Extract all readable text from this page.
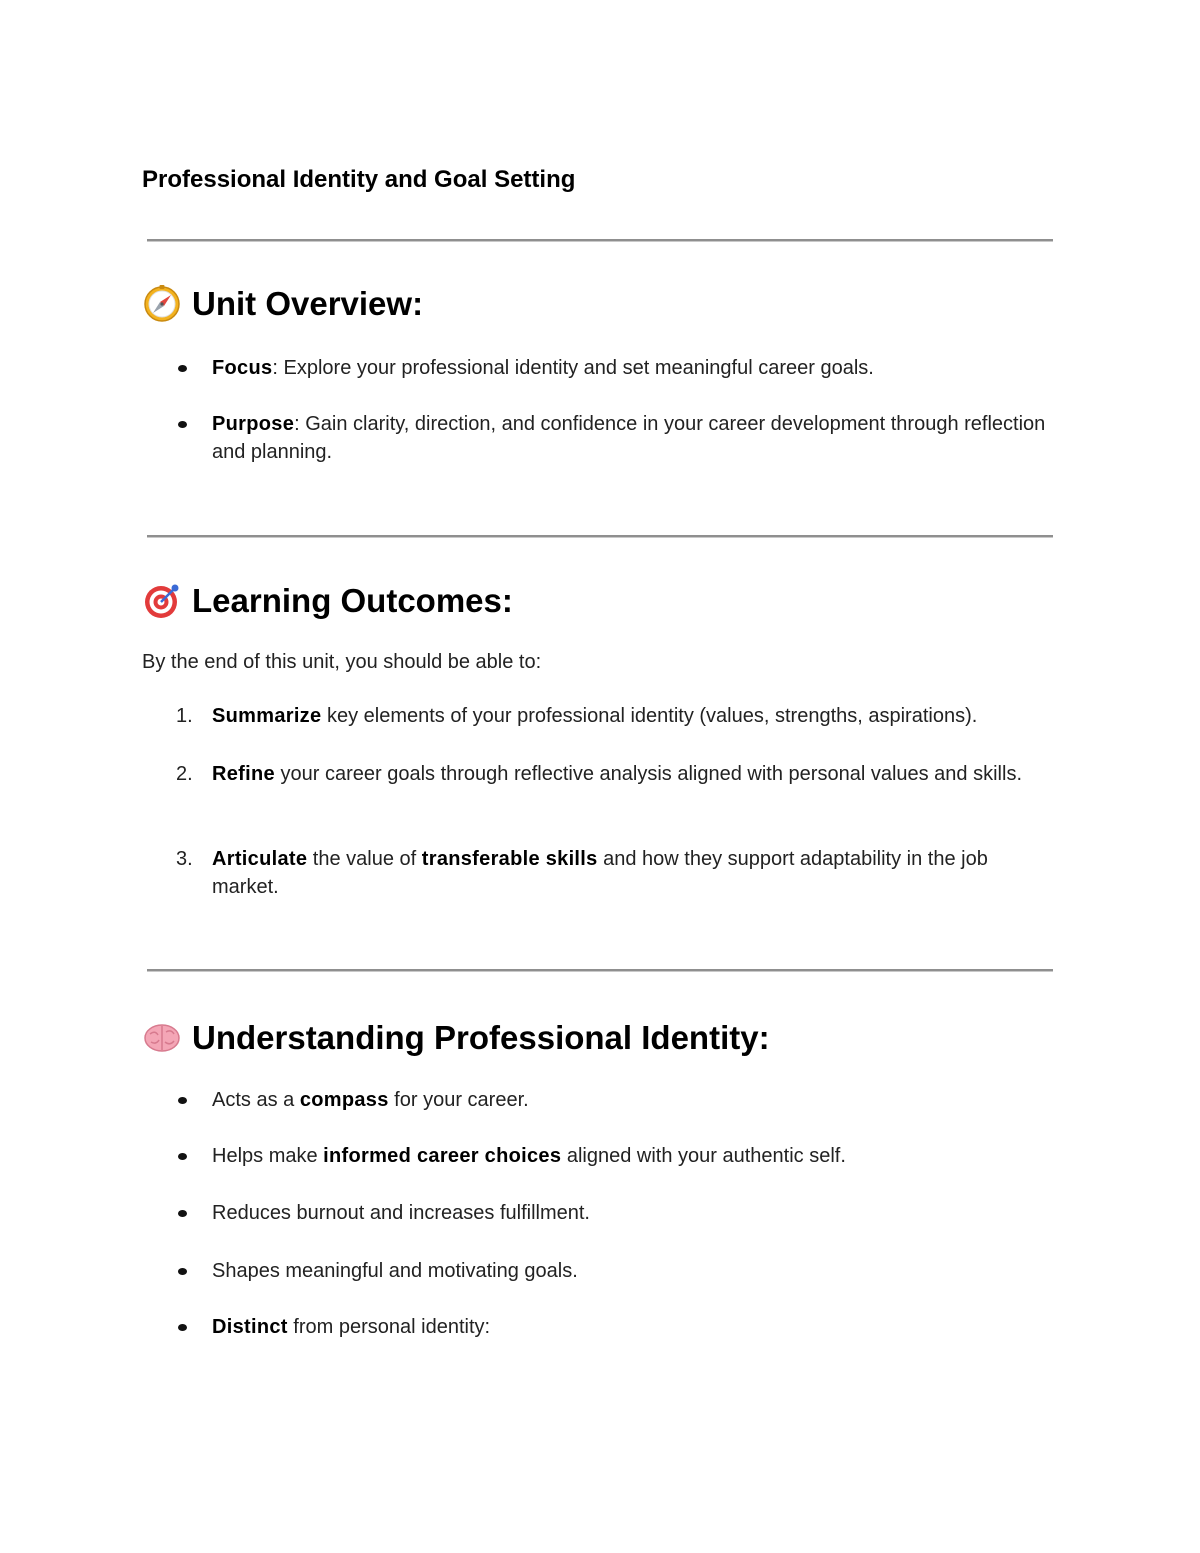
Professional Identity and Goal Setting
Unit Overview:
Focus: Explore your professional identity and set meaningful career goals.
Purpose: Gain clarity, direction, and confidence in your career development through reflection and planning.
Learning Outcomes:
By the end of this unit, you should be able to:
1. Summarize key elements of your professional identity (values, strengths, aspirations).
2. Refine your career goals through reflective analysis aligned with personal values and skills.
3. Articulate the value of transferable skills and how they support adaptability in the job market.
Understanding Professional Identity:
Acts as a compass for your career.
Helps make informed career choices aligned with your authentic self.
Reduces burnout and increases fulfillment.
Shapes meaningful and motivating goals.
Distinct from personal identity:
